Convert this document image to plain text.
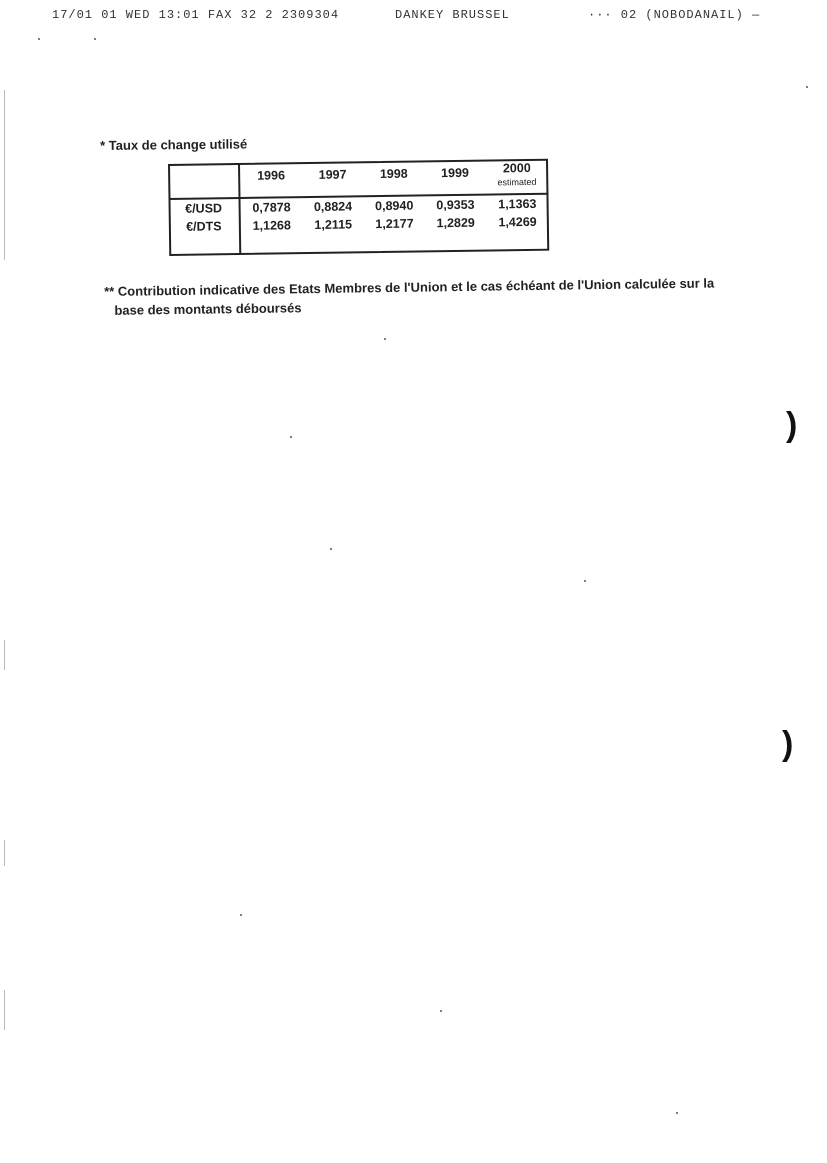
17/01 01 WED 13:01 FAX 32 2 2309304	DANKEY BRUSSEL	··· 02 (NOBODANAIL) —
* Taux de change utilisé
	1996	1997	1998	1999	2000
estimated

€/USD	0,7878	0,8824	0,8940	0,9353	1,1363
€/DTS	1,1268	1,2115	1,2177	1,2829	1,4269
** Contribution indicative des Etats Membres de l'Union et le cas échéant de l'Union calculée sur la
base des montants déboursés
)
)
